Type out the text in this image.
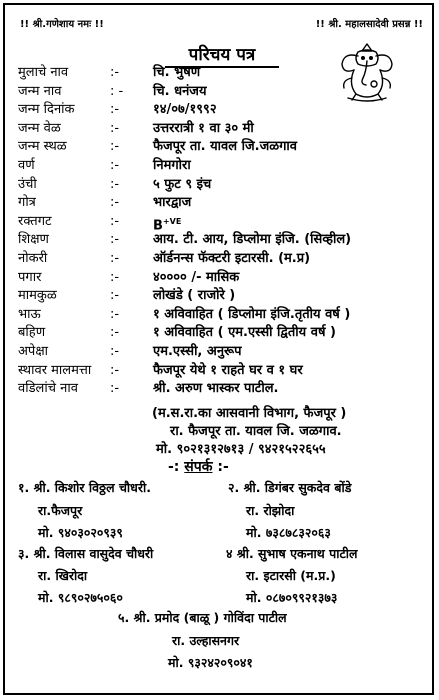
!! श्री.गणेशाय नमः !!	!! श्री. महालसादेवी प्रसन्न !!
परिचय पत्र
मुलाचे नाव	:-	चि. भुषण
जन्म नाव	: - चि. धनंजय
जन्म दिनांक	:-	१४/०७/१९९२
जन्म वेळ	:-	उत्तररात्री १ वा ३० मी
जन्म स्थळ	:-	फैजपूर ता. यावल जि.जळगाव
वर्ण	:-	निमगोरा
उंची	:-	५ फुट ९ इंच
गोत्र	:-	भारद्वाज
रक्तगट	:-	$B^{+VE}$
शिक्षण	:-	आय. टी. आय, डिप्लोमा इंजि. (सिव्हील)
नोकरी	:-	ऑर्डनन्स फॅक्टरी इटारसी. (म.प्र)
पगार	:-	४०००० /- मासिक
मामकुळ	:-	लोखंडे ( राजोरे )
भाऊ	:-	१ अविवाहित ( डिप्लोमा इंजि.तृतीय वर्ष )
बहिण	:-	१ अविवाहित ( एम.एस्सी द्वितीय वर्ष )
अपेक्षा	:-	एम.एस्सी, अनुरूप
स्थावर मालमत्ता :-	फैजपूर येथे १ राहते घर व १ घर
वडिलांचे नाव :-	श्री. अरुण भास्कर पाटील.
(म.स.रा.का आसवानी विभाग, फैजपूर )
रा. फैजपूर ता. यावल जि. जळगाव.
मो. ९०२१३१२७१३ / ९४२१५२२६५५
-: संपर्क :-
१. श्री. किशोर विठ्ठल चौधरी.
रा.फैजपूर
मो. ९४०३०२०९३९
२. श्री. डिगंबर सुकदेव बोंडे
रा. रोझोदा
मो. ७३८७८३२०६३
३. श्री. विलास वासुदेव चौधरी
रा. खिरोदा
मो. ९८९०२७५०६०
४ श्री. सुभाष एकनाथ पाटील
रा. इटारसी (म.प्र.)
मो. ०८७०९९२१३७३
५. श्री. प्रमोद (बाळू ) गोविंदा पाटील
रा. उल्हासनगर
मो. ९३२४२०९०४१
